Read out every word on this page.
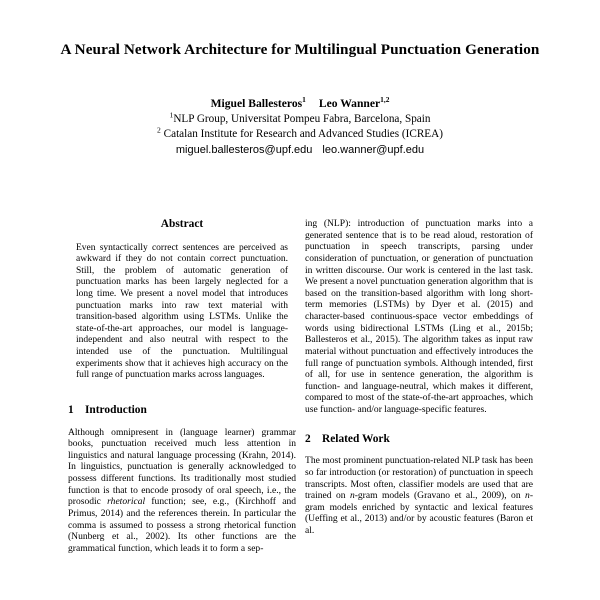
A Neural Network Architecture for Multilingual Punctuation Generation
Miguel Ballesteros$^1$ Leo Wanner$^{1,2}$
$^1$NLP Group, Universitat Pompeu Fabra, Barcelona, Spain
$^2$ Catalan Institute for Research and Advanced Studies (ICREA)
miguel.ballesteros@upf.edu leo.wanner@upf.edu
Abstract
Even syntactically correct sentences are perceived as awkward if they do not contain correct punctuation. Still, the problem of automatic generation of punctuation marks has been largely neglected for a long time. We present a novel model that introduces punctuation marks into raw text material with transition-based algorithm using LSTMs. Unlike the state-of-the-art approaches, our model is language-independent and also neutral with respect to the intended use of the punctuation. Multilingual experiments show that it achieves high accuracy on the full range of punctuation marks across languages.
1 Introduction

Although omnipresent in (language learner) grammar books, punctuation received much less attention in linguistics and natural language processing (Krahn, 2014). In linguistics, punctuation is generally acknowledged to possess different functions. Its traditionally most studied function is that to encode prosody of oral speech, i.e., the prosodic rhetorical function; see, e.g., (Kirchhoff and Primus, 2014) and the references therein. In particular the comma is assumed to possess a strong rhetorical function (Nunberg et al., 2002). Its other functions are the grammatical function, which leads it to form a sep-

ing (NLP): introduction of punctuation marks into a generated sentence that is to be read aloud, restoration of punctuation in speech transcripts, parsing under consideration of punctuation, or generation of punctuation in written discourse. Our work is centered in the last task. We present a novel punctuation generation algorithm that is based on the transition-based algorithm with long short-term memories (LSTMs) by Dyer et al. (2015) and character-based continuous-space vector embeddings of words using bidirectional LSTMs (Ling et al., 2015b; Ballesteros et al., 2015). The algorithm takes as input raw material without punctuation and effectively introduces the full range of punctuation symbols. Although intended, first of all, for use in sentence generation, the algorithm is function- and language-neutral, which makes it different, compared to most of the state-of-the-art approaches, which use function- and/or language-specific features.

2 Related Work

The most prominent punctuation-related NLP task has been so far introduction (or restoration) of punctuation in speech transcripts. Most often, classifier models are used that are trained on n-gram models (Gravano et al., 2009), on n-gram models enriched by syntactic and lexical features (Ueffing et al., 2013) and/or by acoustic features (Baron et al.
